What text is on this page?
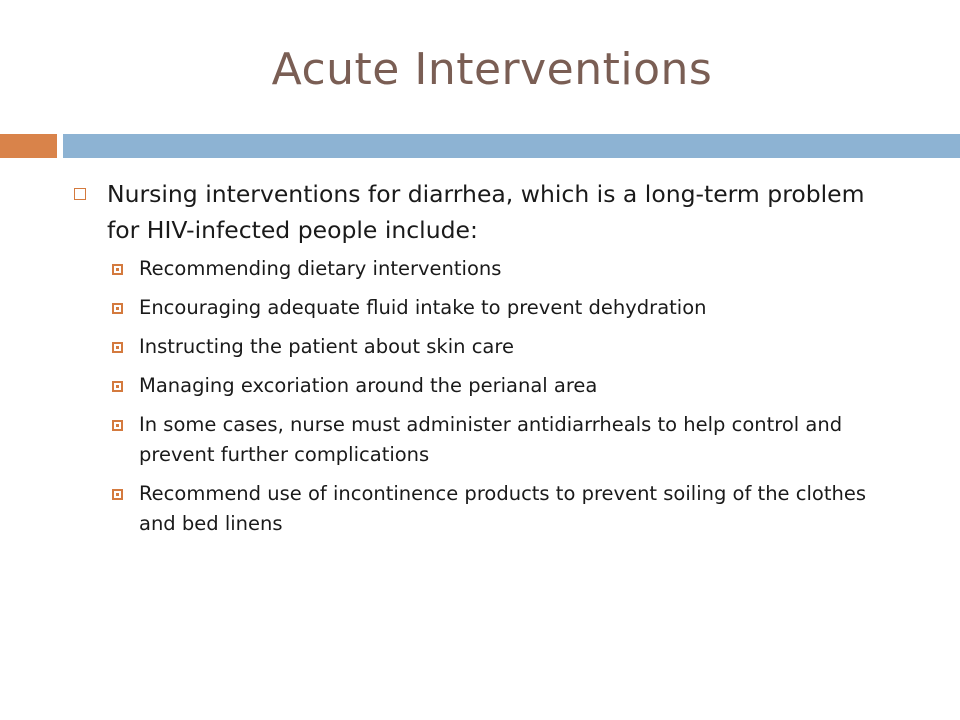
Acute Interventions
Nursing interventions for diarrhea, which is a long-term problem for HIV-infected people include:
Recommending dietary interventions
Encouraging adequate fluid intake to prevent dehydration
Instructing the patient about skin care
Managing excoriation around the perianal area
In some cases, nurse must administer antidiarrheals to help control and prevent further complications
Recommend use of incontinence products to prevent soiling of the clothes and bed linens
